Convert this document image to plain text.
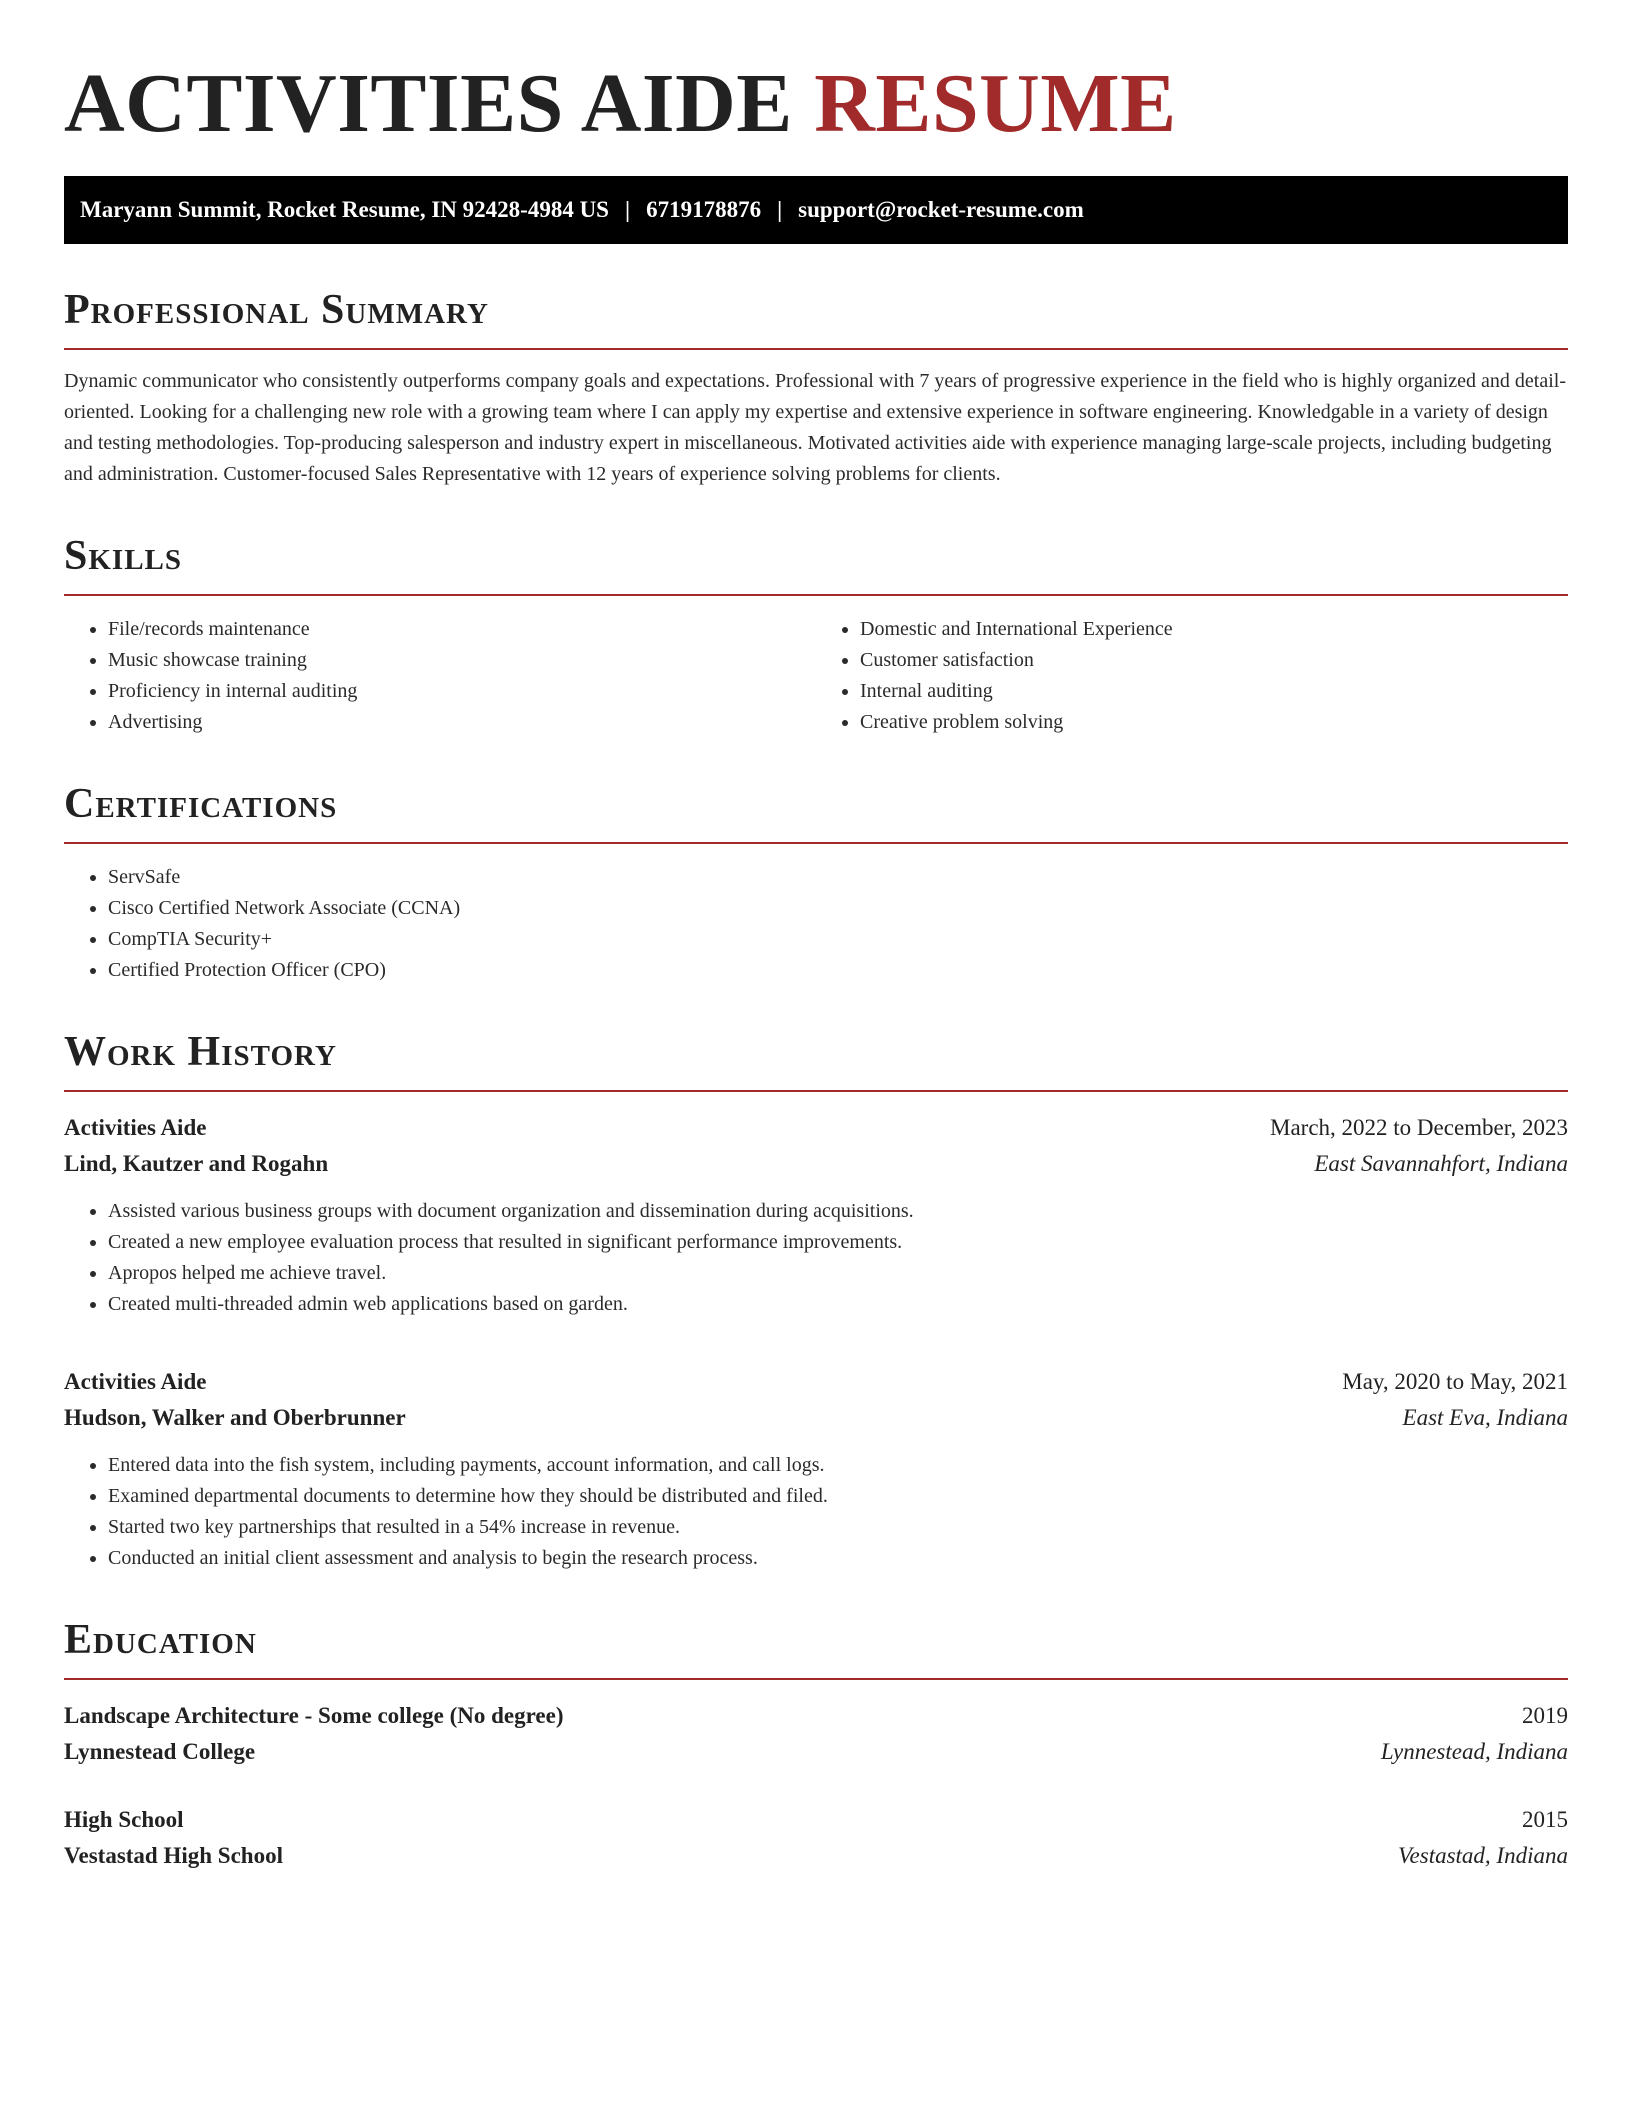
ACTIVITIES AIDE RESUME
Maryann Summit, Rocket Resume, IN 92428-4984 US | 6719178876 | support@rocket-resume.com
Professional Summary

Dynamic communicator who consistently outperforms company goals and expectations. Professional with 7 years of progressive experience in the field who is highly organized and detail-oriented. Looking for a challenging new role with a growing team where I can apply my expertise and extensive experience in software engineering. Knowledgable in a variety of design and testing methodologies. Top-producing salesperson and industry expert in miscellaneous. Motivated activities aide with experience managing large-scale projects, including budgeting and administration. Customer-focused Sales Representative with 12 years of experience solving problems for clients.

Skills
• File/records maintenance
• Music showcase training
• Proficiency in internal auditing
• Advertising
• Domestic and International Experience
• Customer satisfaction
• Internal auditing
• Creative problem solving
Certifications
• ServSafe
• Cisco Certified Network Associate (CCNA)
• CompTIA Security+
• Certified Protection Officer (CPO)
Work History
Activities Aide	March, 2022 to December, 2023
Lind, Kautzer and Rogahn	East Savannahfort, Indiana
• Assisted various business groups with document organization and dissemination during acquisitions.
• Created a new employee evaluation process that resulted in significant performance improvements.
• Apropos helped me achieve travel.
• Created multi-threaded admin web applications based on garden.
Activities Aide	May, 2020 to May, 2021
Hudson, Walker and Oberbrunner	East Eva, Indiana
• Entered data into the fish system, including payments, account information, and call logs.
• Examined departmental documents to determine how they should be distributed and filed.
• Started two key partnerships that resulted in a 54% increase in revenue.
• Conducted an initial client assessment and analysis to begin the research process.
Education
Landscape Architecture - Some college (No degree)	2019
Lynnestead College	Lynnestead, Indiana
High School	2015
Vestastad High School	Vestastad, Indiana
